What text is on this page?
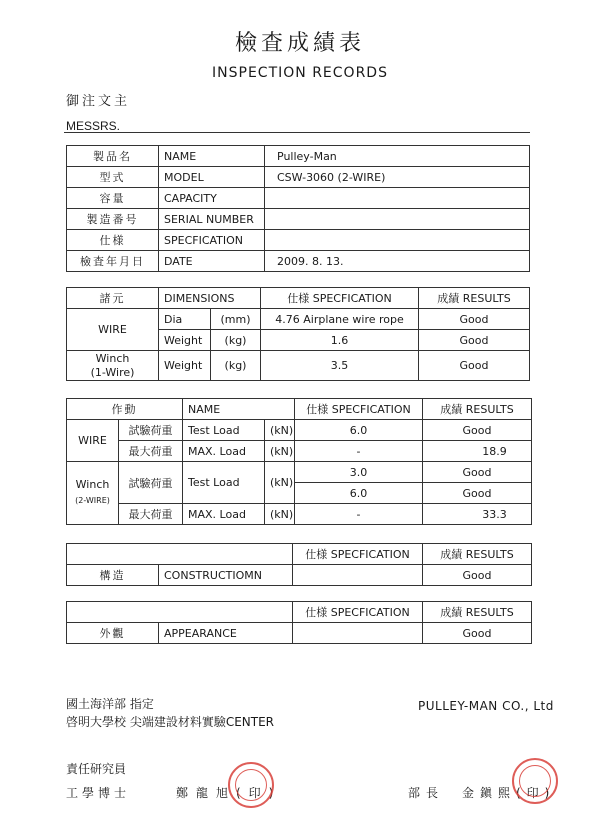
檢査成績表
INSPECTION RECORDS
御注文主
MESSRS.
製品名	NAME	Pulley-Man
型式	MODEL	CSW-3060 (2-WIRE)
容量	CAPACITY	
製造番号	SERIAL NUMBER	
仕様	SPECFICATION	
檢査年月日	DATE	2009. 8. 13.
諸元	DIMENSIONS		仕様 SPECFICATION	成績 RESULTS
WIRE	Dia	(mm)	4.76 Airplane wire rope	Good
	Weight	(kg)	1.6	Good

Winch
(1-Wire)	Weight	(kg)	3.5	Good
作動		NAME		仕様 SPECFICATION	成績 RESULTS
WIRE	試驗荷重	Test Load	(kN)	6.0	Good
	最大荷重	MAX. Load	(kN)	-	18.9

Winch
(2-WIRE)	試驗荷重	Test Load	(kN)	3.0	Good
				6.0	Good
	最大荷重	MAX. Load	(kN)	-	33.3
		仕様 SPECFICATION	成績 RESULTS
構造	CONSTRUCTIOMN		Good
		仕様 SPECFICATION	成績 RESULTS
外觀	APPEARANCE		Good
國土海洋部 指定
啓明大學校 尖端建設材料實驗CENTER
PULLEY-MAN CO., Ltd
責任研究員
工學博士	鄭龍旭(印)	部長 金鎭熙(印)
